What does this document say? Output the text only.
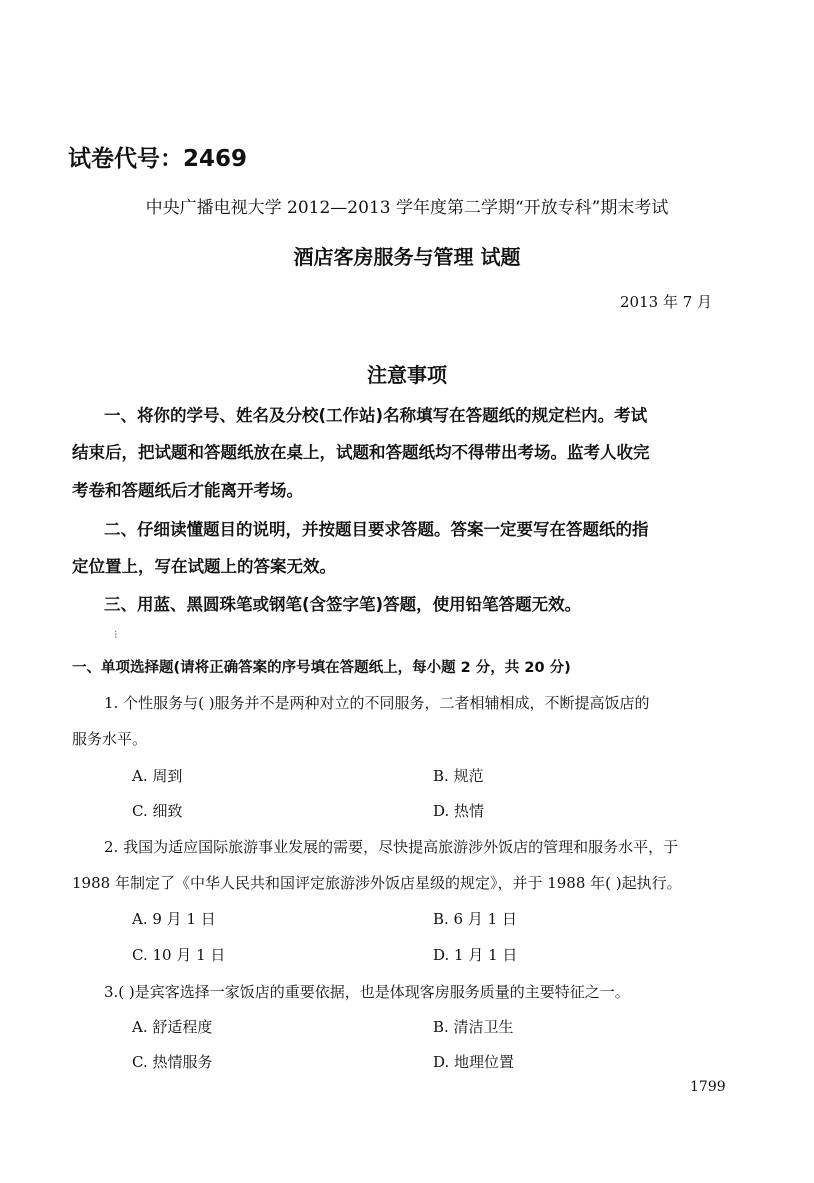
试卷代号：2469
中央广播电视大学 2012—2013 学年度第二学期“开放专科”期末考试
酒店客房服务与管理 试题
2013 年 7 月
注意事项
一、将你的学号、姓名及分校(工作站)名称填写在答题纸的规定栏内。考试
结束后，把试题和答题纸放在桌上，试题和答题纸均不得带出考场。监考人收完
考卷和答题纸后才能离开考场。
二、仔细读懂题目的说明，并按题目要求答题。答案一定要写在答题纸的指
定位置上，写在试题上的答案无效。
三、用蓝、黑圆珠笔或钢笔(含签字笔)答题，使用铅笔答题无效。
⁝
一、单项选择题(请将正确答案的序号填在答题纸上，每小题 2 分，共 20 分)
1. 个性服务与( )服务并不是两种对立的不同服务，二者相辅相成，不断提高饭店的
服务水平。
A. 周到	B. 规范
C. 细致	D. 热情
2. 我国为适应国际旅游事业发展的需要，尽快提高旅游涉外饭店的管理和服务水平，于
1988 年制定了《中华人民共和国评定旅游涉外饭店星级的规定》，并于 1988 年( )起执行。
A. 9 月 1 日	B. 6 月 1 日
C. 10 月 1 日	D. 1 月 1 日
3.( )是宾客选择一家饭店的重要依据，也是体现客房服务质量的主要特征之一。
A. 舒适程度	B. 清洁卫生
C. 热情服务	D. 地理位置
1799
